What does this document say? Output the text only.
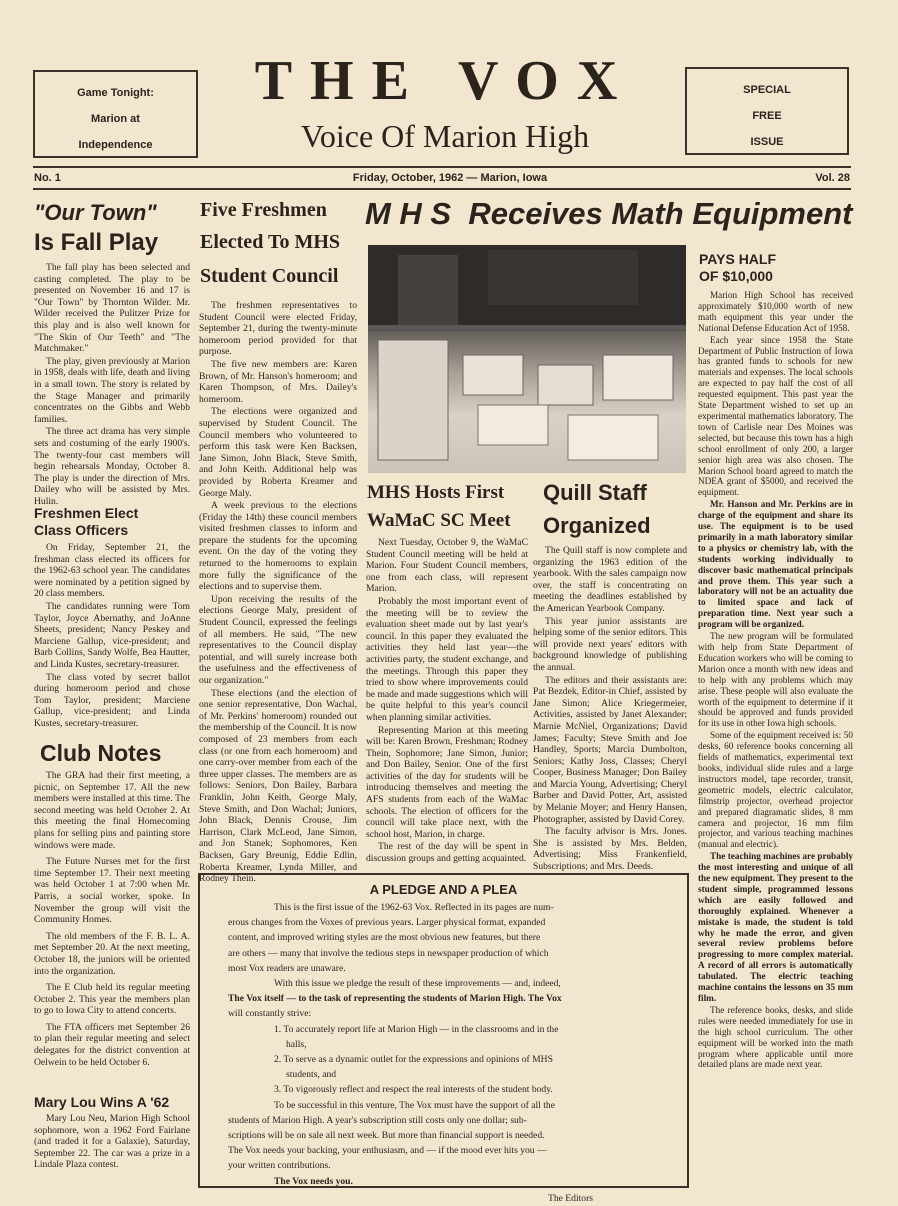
Game Tonight:
Marion at
Independence
SPECIAL
FREE
ISSUE
THE VOX
Voice Of Marion High
No. 1	Friday, October, 1962 — Marion, Iowa	Vol. 28
"Our Town"
Is Fall Play

The fall play has been selected and casting completed. The play to be presented on November 16 and 17 is "Our Town" by Thornton Wilder. Mr. Wilder received the Pulitzer Prize for this play and is also well known for "The Skin of Our Teeth" and "The Matchmaker."

The play, given previously at Marion in 1958, deals with life, death and living in a small town. The story is related by the Stage Manager and primarily concentrates on the Gibbs and Webb families.

The three act drama has very simple sets and costuming of the early 1900's. The twenty-four cast members will begin rehearsals Monday, October 8. The play is under the direction of Mrs. Dailey who will be assisted by Mrs. Hulin.

Freshmen Elect
Class Officers

On Friday, September 21, the freshman class elected its officers for the 1962-63 school year. The candidates were nominated by a petition signed by 20 class members.

The candidates running were Tom Taylor, Joyce Abernathy, and JoAnne Sheets, president; Nancy Peskey and Marciene Gallup, vice-president; and Barb Collins, Sandy Wolfe, Bea Hautter, and Linda Kustes, secretary-treasurer.

The class voted by secret ballot during homeroom period and chose Tom Taylor, president; Marciene Gallup, vice-president; and Linda Kustes, secretary-treasurer.

Club Notes

The GRA had their first meeting, a picnic, on September 17. All the new members were installed at this time. The second meeting was held October 2. At this meeting the final Homecoming plans for selling pins and painting store windows were made.

The Future Nurses met for the first time September 17. Their next meeting was held October 1 at 7:00 when Mr. Parris, a social worker, spoke. In November the group will visit the Community Homes.

The old members of the F. B. L. A. met September 20. At the next meeting, October 18, the juniors will be oriented into the organization.

The E Club held its regular meeting October 2. This year the members plan to go to Iowa City to attend concerts.

The FTA officers met September 26 to plan their regular meeting and select delegates for the district convention at Oelwein to be held October 6.

Mary Lou Wins A '62

Mary Lou Neu, Marion High School sophomore, won a 1962 Ford Fairlane (and traded it for a Galaxie), Saturday, September 22. The car was a prize in a Lindale Plaza contest.

Five Freshmen
Elected To MHS
Student Council

The freshmen representatives to Student Council were elected Friday, September 21, during the twenty-minute homeroom period provided for that purpose.

The five new members are: Karen Brown, of Mr. Hanson's homeroom; and Karen Thompson, of Mrs. Dailey's homeroom.

The elections were organized and supervised by Student Council. The Council members who volunteered to perform this task were Ken Backsen, Jane Simon, John Black, Steve Smith, and John Keith. Additional help was provided by Roberta Kreamer and George Maly.

A week previous to the elections (Friday the 14th) these council members visited freshmen classes to inform and prepare the students for the upcoming event. On the day of the voting they returned to the homerooms to explain more fully the significance of the elections and to supervise them.

Upon receiving the results of the elections George Maly, president of Student Council, expressed the feelings of all members. He said, "The new representatives to the Council display potential, and will surely increase both the usefulness and the effectiveness of our organization."

These elections (and the election of one senior representative, Don Wachal, of Mr. Perkins' homeroom) rounded out the membership of the Council. It is now composed of 23 members from each class (or one from each homeroom) and one carry-over member from each of the three upper classes. The members are as follows: Seniors, Don Bailey, Barbara Franklin, John Keith, George Maly, Steve Smith, and Don Wachal; Juniors, John Black, Dennis Crouse, Jim Harrison, Clark McLeod, Jane Simon, and Jon Stanek; Sophomores, Ken Backsen, Gary Breunig, Eddie Edlin, Roberta Kreamer, Lynda Miller, and Rodney Thein.

M H S  Receives Math Equipment
MHS Hosts First
WaMaC SC Meet

Next Tuesday, October 9, the WaMaC Student Council meeting will be held at Marion. Four Student Council members, one from each class, will represent Marion.

Probably the most important event of the meeting will be to review the evaluation sheet made out by last year's council. In this paper they evaluated the activities they held last year—the activities party, the student exchange, and the meetings. Through this paper they tried to show where improvements could be made and made suggestions which will be quite helpful to this year's council when planning similar activities.

Representing Marion at this meeting will be: Karen Brown, Freshman; Rodney Thein, Sophomore; Jane Simon, Junior; and Don Bailey, Senior. One of the first activities of the day for students will be introducing themselves and meeting the AFS students from each of the WaMac schools. The election of officers for the council will take place next, with the school host, Marion, in charge.

The rest of the day will be spent in discussion groups and getting acquainted.

Quill Staff
Organized

The Quill staff is now complete and organizing the 1963 edition of the yearbook. With the sales campaign now over, the staff is concentrating on meeting the deadlines established by the American Yearbook Company.

This year junior assistants are helping some of the senior editors. This will provide next years' editors with background knowledge of publishing the annual.

The editors and their assistants are: Pat Bezdek, Editor-in Chief, assisted by Jane Simon; Alice Kriegermeier, Activities, assisted by Janet Alexander; Marnie McNiel, Organizations; David James; Faculty; Steve Smith and Joe Handley, Sports; Marcia Dumbolton, Seniors; Kathy Joss, Classes; Cheryl Cooper, Business Manager; Don Bailey and Marcia Young, Advertising; Cheryl Barber and David Potter, Art, assisted by Melanie Moyer; and Henry Hansen, Photographer, assisted by David Corey.

The faculty advisor is Mrs. Jones. She is assisted by Mrs. Belden, Advertising; Miss Frankenfield, Subscriptions; and Mrs. Deeds.

PAYS HALF
OF $10,000

Marion High School has received approximately $10,000 worth of new math equipment this year under the National Defense Education Act of 1958.

Each year since 1958 the State Department of Public Instruction of Iowa has granted funds to schools for new materials and expenses. The local schools are expected to pay half the cost of all requested equipment. This past year the State Department wished to set up an experimental mathematics laboratory. The town of Carlisle near Des Moines was selected, but because this town has a high school enrollment of only 200, a larger senior high area was also chosen. The Marion School board agreed to match the NDEA grant of $5000, and received the equipment.

Mr. Hanson and Mr. Perkins are in charge of the equipment and share its use. The equipment is to be used primarily in a math laboratory similar to a physics or chemistry lab, with the students working individually to discover basic mathematical principals and prove them. This year such a laboratory will not be an actuality due to limited space and lack of preparation time. Next year such a program will be organized.

The new program will be formulated with help from State Department of Education workers who will be coming to Marion once a month with new ideas and to help with any problems which may arise. These people will also evaluate the worth of the equipment to determine if it should be approved and funds provided for its use in other Iowa high schools.

Some of the equipment received is: 50 desks, 60 reference books concerning all fields of mathematics, experimental text books, individual slide rules and a large instructors model, tape recorder, transit, geometric models, electric calculator, filmstrip projector, overhead projector and prepared diagramatic slides, 8 mm camera and projector, 16 mm film projector, and various teaching machines (manual and electric).

The teaching machines are probably the most interesting and unique of all the new equipment. They present to the student simple, programmed lessons which are easily followed and thoroughly explained. Whenever a mistake is made, the student is told why he made the error, and given several review problems before progressing to more complex material. A record of all errors is automatically tabulated. The electric teaching machine contains the lessons on 35 mm film.

The reference books, desks, and slide rules were needed immediately for use in the high school curriculum. The other equipment will be worked into the math program where applicable until more detailed plans are made next year.

A PLEDGE AND A PLEA
This is the first issue of the 1962-63 Vox. Reflected in its pages are num-
erous changes from the Voxes of previous years. Larger physical format, expanded
content, and improved writing styles are the most obvious new features, but there
are others — many that involve the tedious steps in newspaper production of which
most Vox readers are unaware.
With this issue we pledge the result of these improvements — and, indeed,
The Vox itself — to the task of representing the students of Marion High. The Vox
will constantly strive:
1. To accurately report life at Marion High — in the classrooms and in the
halls,
2. To serve as a dynamic outlet for the expressions and opinions of MHS
students, and
3. To vigorously reflect and respect the real interests of the student body.
To be successful in this venture, The Vox must have the support of all the
students of Marion High. A year's subscription still costs only one dollar; sub-
scriptions will be on sale all next week. But more than financial support is needed.
The Vox needs your backing, your enthusiasm, and — if the mood ever hits you —
your written contributions.
The Vox needs you.
The Editors
